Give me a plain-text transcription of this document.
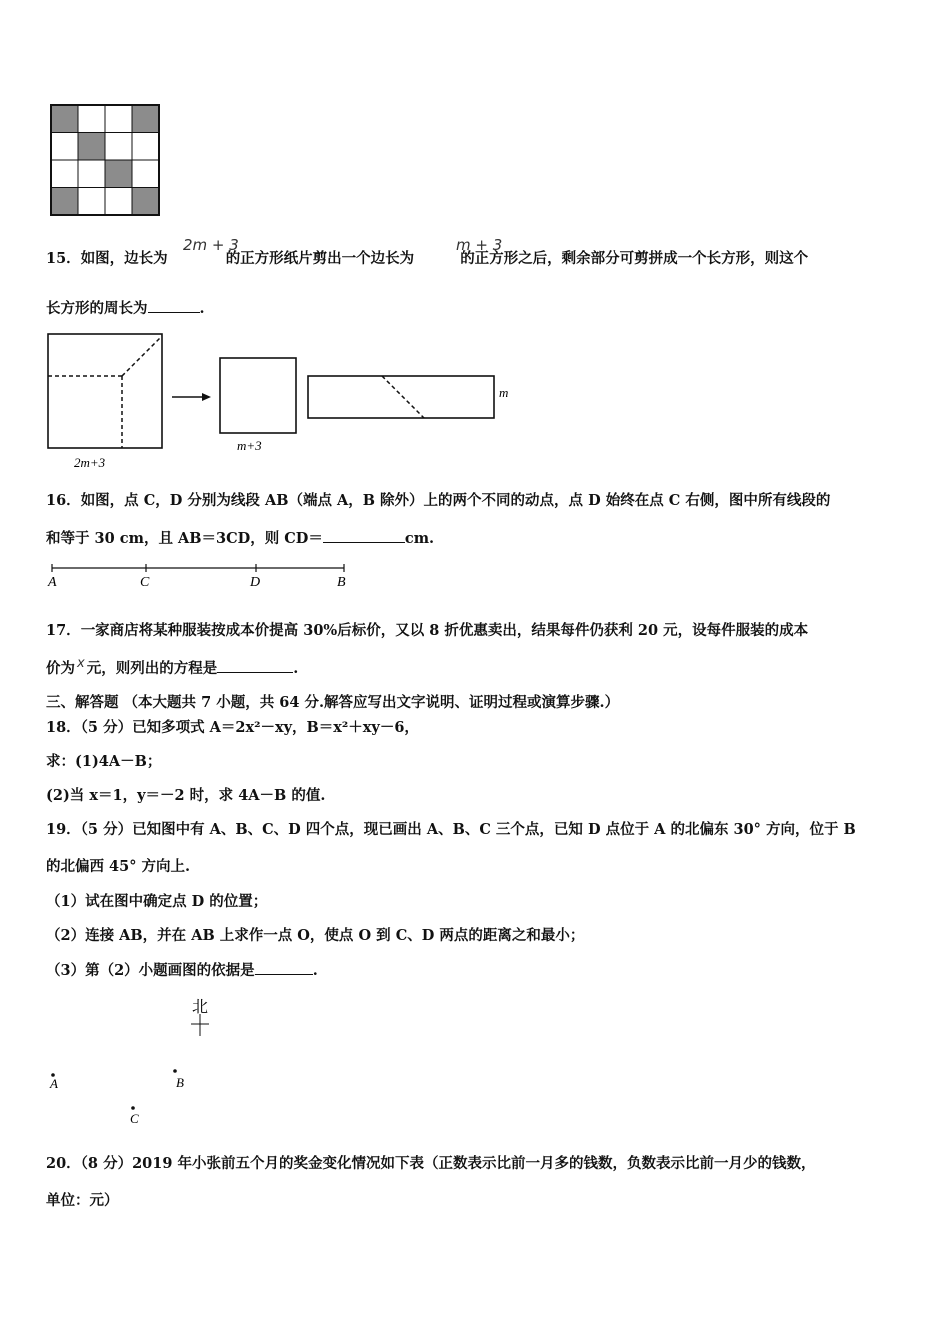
15．如图，边长为	的正方形纸片剪出一个边长为	的正方形之后，剩余部分可剪拼成一个长方形，则这个
2m + 3	m + 3
长方形的周长为	.
2m+3
m+3
m
16．如图，点 C，D 分别为线段 AB（端点 A，B 除外）上的两个不同的动点，点 D 始终在点 C 右侧，图中所有线段的
和等于 30 cm，且 AB＝3CD，则 CD＝	cm.
A	C	D	B
17．一家商店将某种服装按成本价提高 30%后标价，又以 8 折优惠卖出，结果每件仍获利 20 元，设每件服装的成本
价为 x 元，则列出的方程是	.
三、解答题 （本大题共 7 小题，共 64 分.解答应写出文字说明、证明过程或演算步骤.）
18．（5 分）已知多项式 A＝2x²－xy，B＝x²＋xy－6，
求：(1)4A－B；
(2)当 x＝1，y＝－2 时，求 4A－B 的值.
19．（5 分）已知图中有 A、B、C、D 四个点，现已画出 A、B、C 三个点，已知 D 点位于 A 的北偏东 30° 方向，位于 B
的北偏西 45° 方向上.
（1）试在图中确定点 D 的位置；
（2）连接 AB，并在 AB 上求作一点 O，使点 O 到 C、D 两点的距离之和最小；
（3）第（2）小题画图的依据是	.
北
A	B
C
20．（8 分）2019 年小张前五个月的奖金变化情况如下表（正数表示比前一月多的钱数，负数表示比前一月少的钱数，
单位：元）
